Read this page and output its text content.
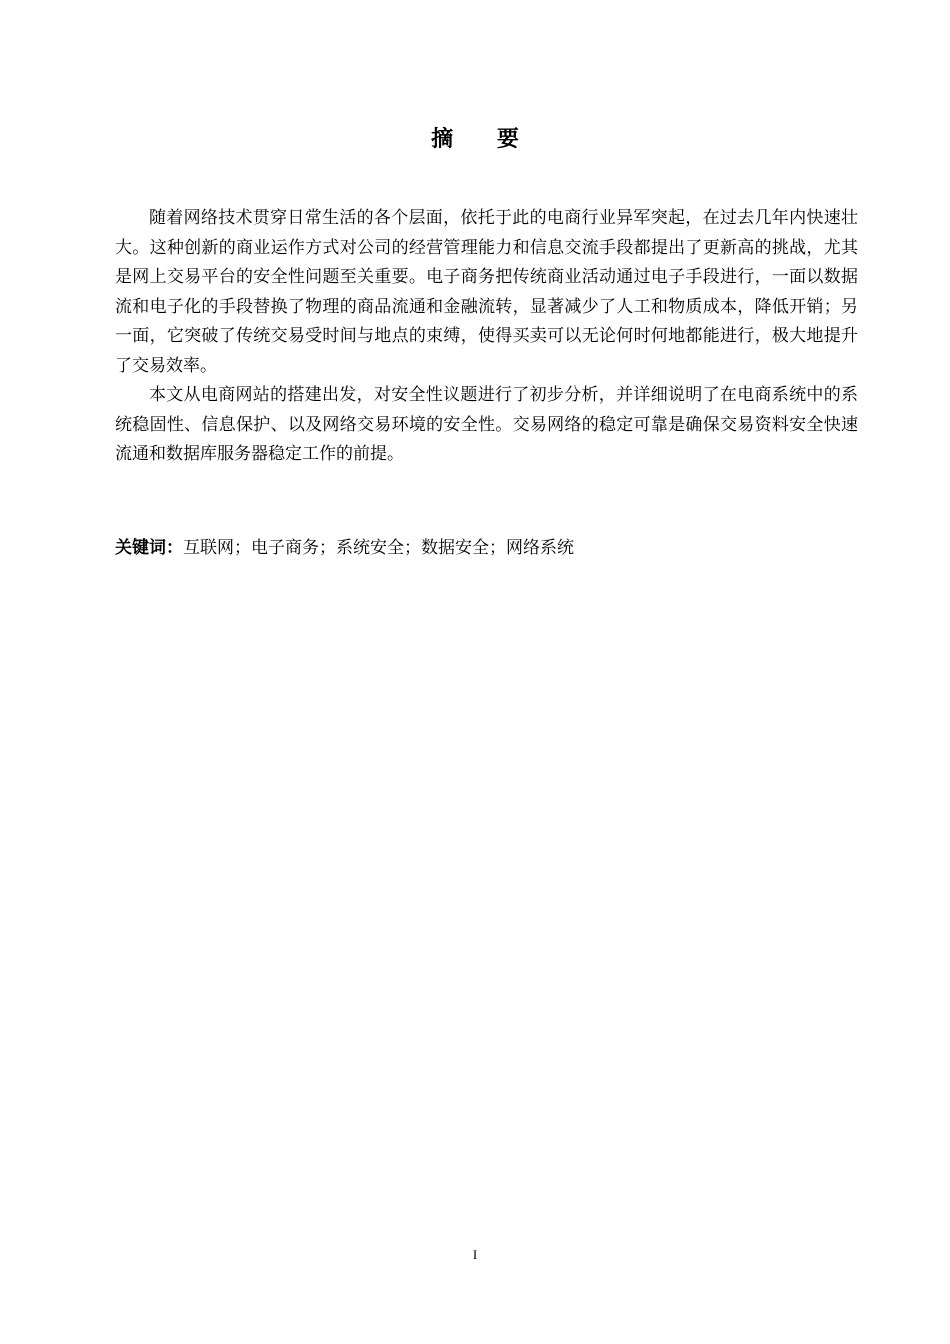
摘 要

随着网络技术贯穿日常生活的各个层面，依托于此的电商行业异军突起，在过去几年内快速壮大。这种创新的商业运作方式对公司的经营管理能力和信息交流手段都提出了更新高的挑战，尤其是网上交易平台的安全性问题至关重要。电子商务把传统商业活动通过电子手段进行，一面以数据流和电子化的手段替换了物理的商品流通和金融流转，显著减少了人工和物质成本，降低开销；另一面，它突破了传统交易受时间与地点的束缚，使得买卖可以无论何时何地都能进行，极大地提升了交易效率。

本文从电商网站的搭建出发，对安全性议题进行了初步分析，并详细说明了在电商系统中的系统稳固性、信息保护、以及网络交易环境的安全性。交易网络的稳定可靠是确保交易资料安全快速流通和数据库服务器稳定工作的前提。

关键词：互联网；电子商务；系统安全；数据安全；网络系统
I
